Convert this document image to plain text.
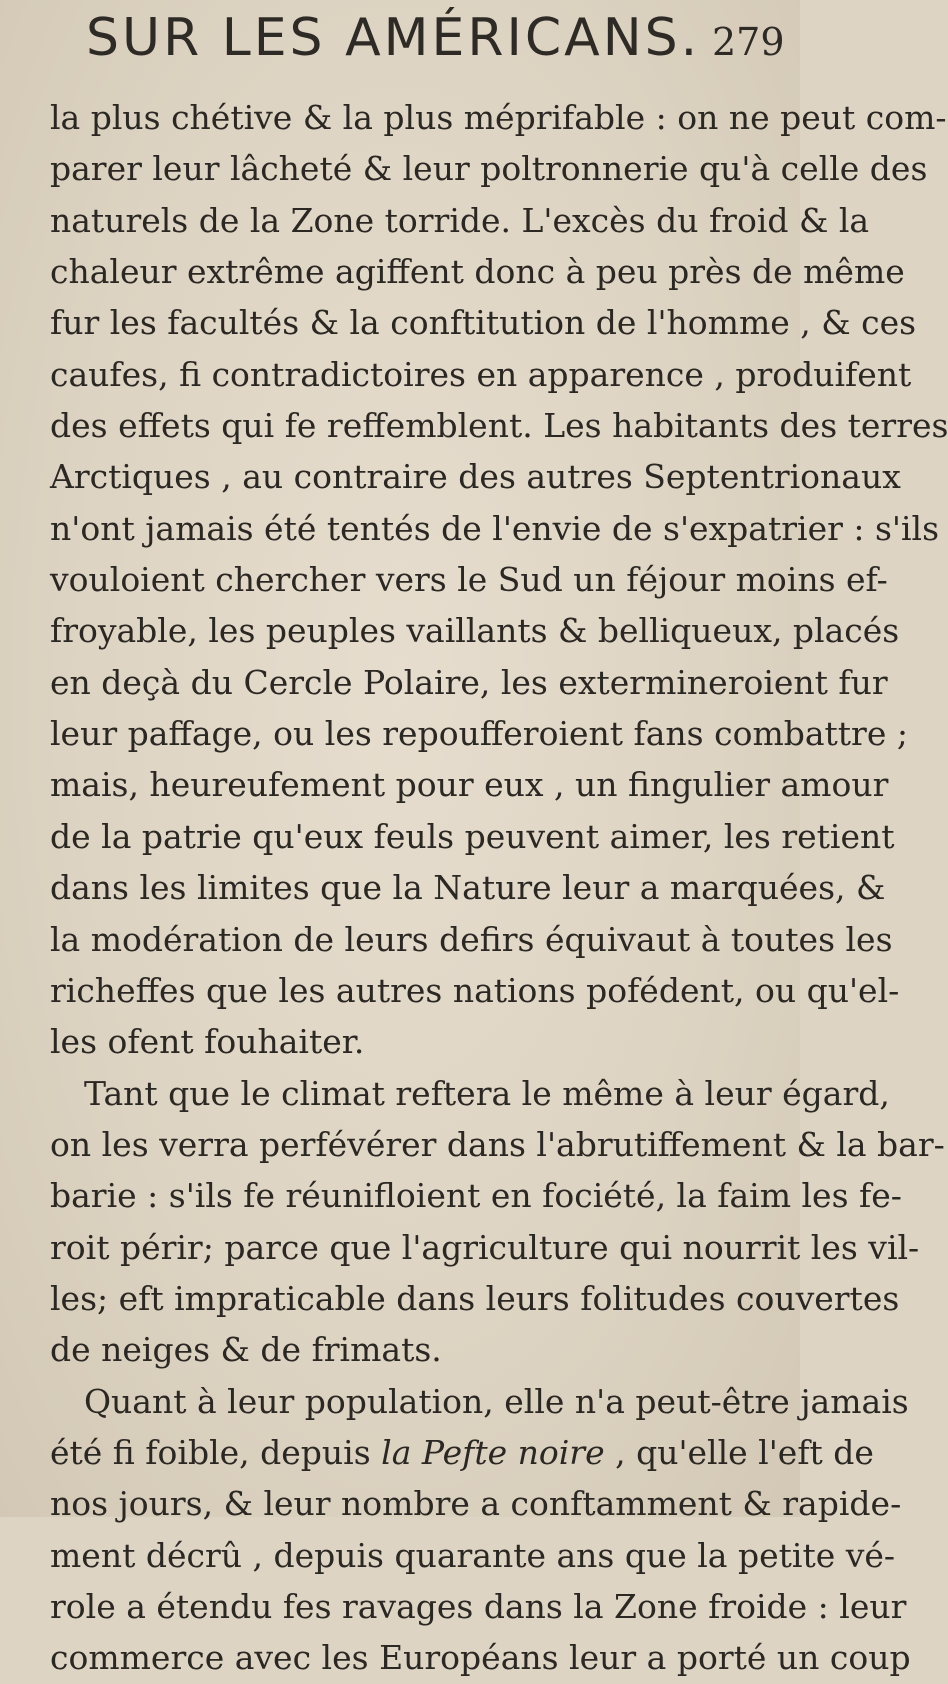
SUR LES AMÉRICANS. 279
la plus chétive & la plus méprifable : on ne peut com-
parer leur lâcheté & leur poltronnerie qu'à celle des
naturels de la Zone torride. L'excès du froid & la
chaleur extrême agiffent donc à peu près de même
fur les facultés & la conftitution de l'homme , & ces
caufes, fi contradictoires en apparence , produifent
des effets qui fe reffemblent. Les habitants des terres
Arctiques , au contraire des autres Septentrionaux
n'ont jamais été tentés de l'envie de s'expatrier : s'ils
vouloient chercher vers le Sud un féjour moins ef-
froyable, les peuples vaillants & belliqueux, placés
en deçà du Cercle Polaire, les extermineroient fur
leur paffage, ou les repoufferoient fans combattre ;
mais, heureufement pour eux , un fingulier amour
de la patrie qu'eux feuls peuvent aimer, les retient
dans les limites que la Nature leur a marquées, &
la modération de leurs defirs équivaut à toutes les
richeffes que les autres nations pofédent, ou qu'el-
les ofent fouhaiter.
Tant que le climat reftera le même à leur égard,
on les verra perfévérer dans l'abrutiffement & la bar-
barie : s'ils fe réunifloient en fociété, la faim les fe-
roit périr; parce que l'agriculture qui nourrit les vil-
les; eft impraticable dans leurs folitudes couvertes
de neiges & de frimats.
Quant à leur population, elle n'a peut-être jamais
été fi foible, depuis la Pefte noire , qu'elle l'eft de
nos jours, & leur nombre a conftamment & rapide-
ment décrû , depuis quarante ans que la petite vé-
role a étendu fes ravages dans la Zone froide : leur
commerce avec les Européans leur a porté un coup
